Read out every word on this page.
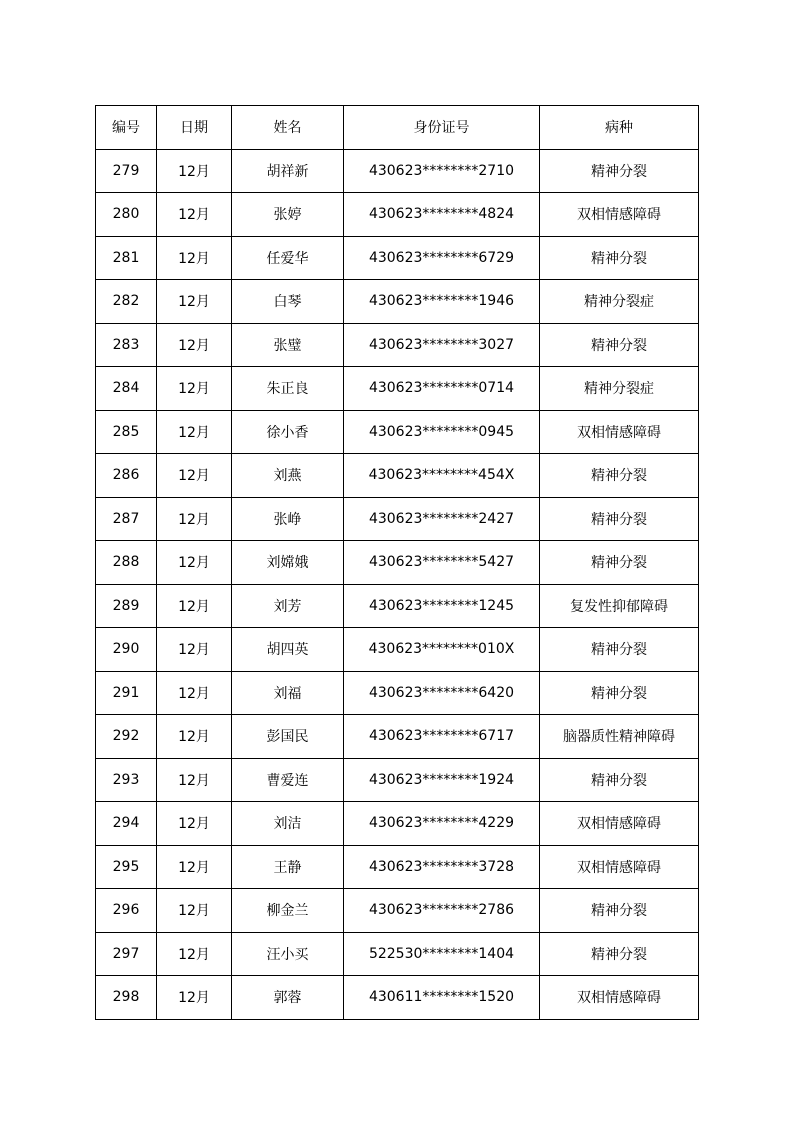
编号	日期	姓名	身份证号	病种
279	12月	胡祥新	430623********2710	精神分裂
280	12月	张婷	430623********4824	双相情感障碍
281	12月	任爱华	430623********6729	精神分裂
282	12月	白琴	430623********1946	精神分裂症
283	12月	张璧	430623********3027	精神分裂
284	12月	朱正良	430623********0714	精神分裂症
285	12月	徐小香	430623********0945	双相情感障碍
286	12月	刘燕	430623********454X	精神分裂
287	12月	张峥	430623********2427	精神分裂
288	12月	刘嫦娥	430623********5427	精神分裂
289	12月	刘芳	430623********1245	复发性抑郁障碍
290	12月	胡四英	430623********010X	精神分裂
291	12月	刘福	430623********6420	精神分裂
292	12月	彭国民	430623********6717	脑器质性精神障碍
293	12月	曹爱连	430623********1924	精神分裂
294	12月	刘洁	430623********4229	双相情感障碍
295	12月	王静	430623********3728	双相情感障碍
296	12月	柳金兰	430623********2786	精神分裂
297	12月	汪小买	522530********1404	精神分裂
298	12月	郭蓉	430611********1520	双相情感障碍
